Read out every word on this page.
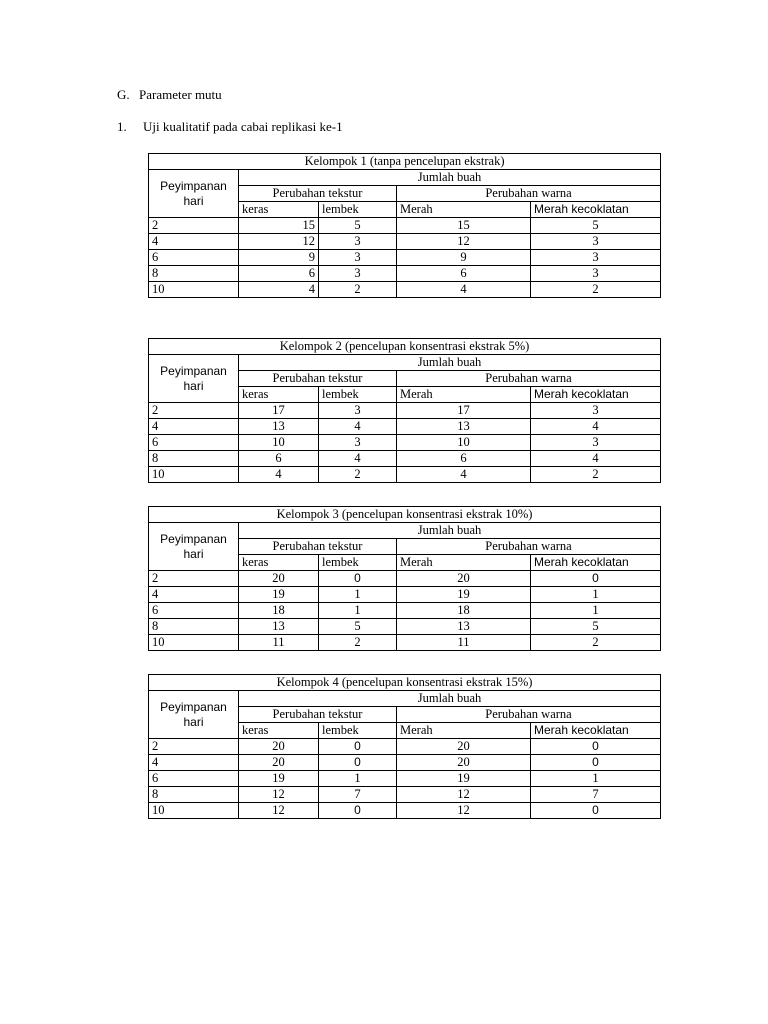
G. Parameter mutu
1. Uji kualitatif pada cabai replikasi ke-1
Kelompok 1 (tanpa pencelupan ekstrak)				
Peyimpanan
hari	Jumlah buah			
	Perubahan tekstur		Perubahan warna	
	keras	lembek	Merah	Merah kecoklatan
2	15	5	15	5
4	12	3	12	3
6	9	3	9	3
8	6	3	6	3
10	4	2	4	2
Kelompok 2 (pencelupan konsentrasi ekstrak 5%)				
Peyimpanan
hari	Jumlah buah			
	Perubahan tekstur		Perubahan warna	
	keras	lembek	Merah	Merah kecoklatan
2	17	3	17	3
4	13	4	13	4
6	10	3	10	3
8	6	4	6	4
10	4	2	4	2
Kelompok 3 (pencelupan konsentrasi ekstrak 10%)				
Peyimpanan
hari	Jumlah buah			
	Perubahan tekstur		Perubahan warna	
	keras	lembek	Merah	Merah kecoklatan
2	20	0	20	0
4	19	1	19	1
6	18	1	18	1
8	13	5	13	5
10	11	2	11	2
Kelompok 4 (pencelupan konsentrasi ekstrak 15%)				
Peyimpanan
hari	Jumlah buah			
	Perubahan tekstur		Perubahan warna	
	keras	lembek	Merah	Merah kecoklatan
2	20	0	20	0
4	20	0	20	0
6	19	1	19	1
8	12	7	12	7
10	12	0	12	0
